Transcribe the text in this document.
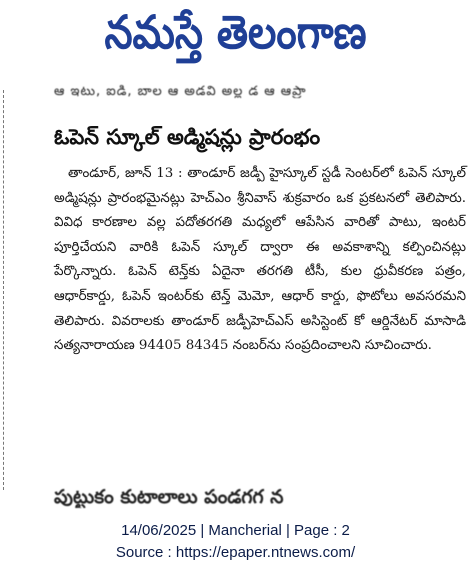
నమస్తే తెలంగాణ
ఆ ఇటు, ఐడి, బాల ఆ అడవి అల్ల డ ఆ ఆప్రా
ఓపెన్‌ స్కూల్‌ అడ్మిషన్లు ప్రారంభం

తాండూర్‌, జూన్‌ 13 : తాండూర్‌ జడ్పీ హైస్కూల్‌ స్టడీ సెంటర్‌లో ఓపెన్‌ స్కూల్‌ అడ్మిషన్లు ప్రారంభమైనట్లు హెచ్‌ఎం శ్రీనివాస్‌ శుక్రవారం ఒక ప్రకటనలో తెలిపారు. వివిధ కారణాల వల్ల పదోతరగతి మధ్యలో ఆపేసిన వారితో పాటు, ఇంటర్‌ పూర్తిచేయని వారికి ఓపెన్‌ స్కూల్‌ ద్వారా ఈ అవకాశాన్ని కల్పించినట్లు పేర్కొన్నారు. ఓపెన్‌ టెన్త్‌కు ఏదైనా తరగతి టీసీ, కుల ధ్రువీకరణ పత్రం, ఆధార్‌కార్డు, ఓపెన్‌ ఇంటర్‌కు టెన్త్‌ మెమో, ఆధార్‌ కార్డు, ఫొటోలు అవసరమని తెలిపారు. వివరాలకు తాండూర్‌ జడ్పీహెచ్‌ఎస్‌ అసిస్టెంట్‌ కో ఆర్డినేటర్‌ మాసాడి సత్యనారాయణ 94405 84345 నంబర్‌ను సంప్రదించాలని సూచించారు.

పుట్టుకం కుటాలాలు పండగగ న
14/06/2025 | Mancherial | Page : 2
Source : https://epaper.ntnews.com/
